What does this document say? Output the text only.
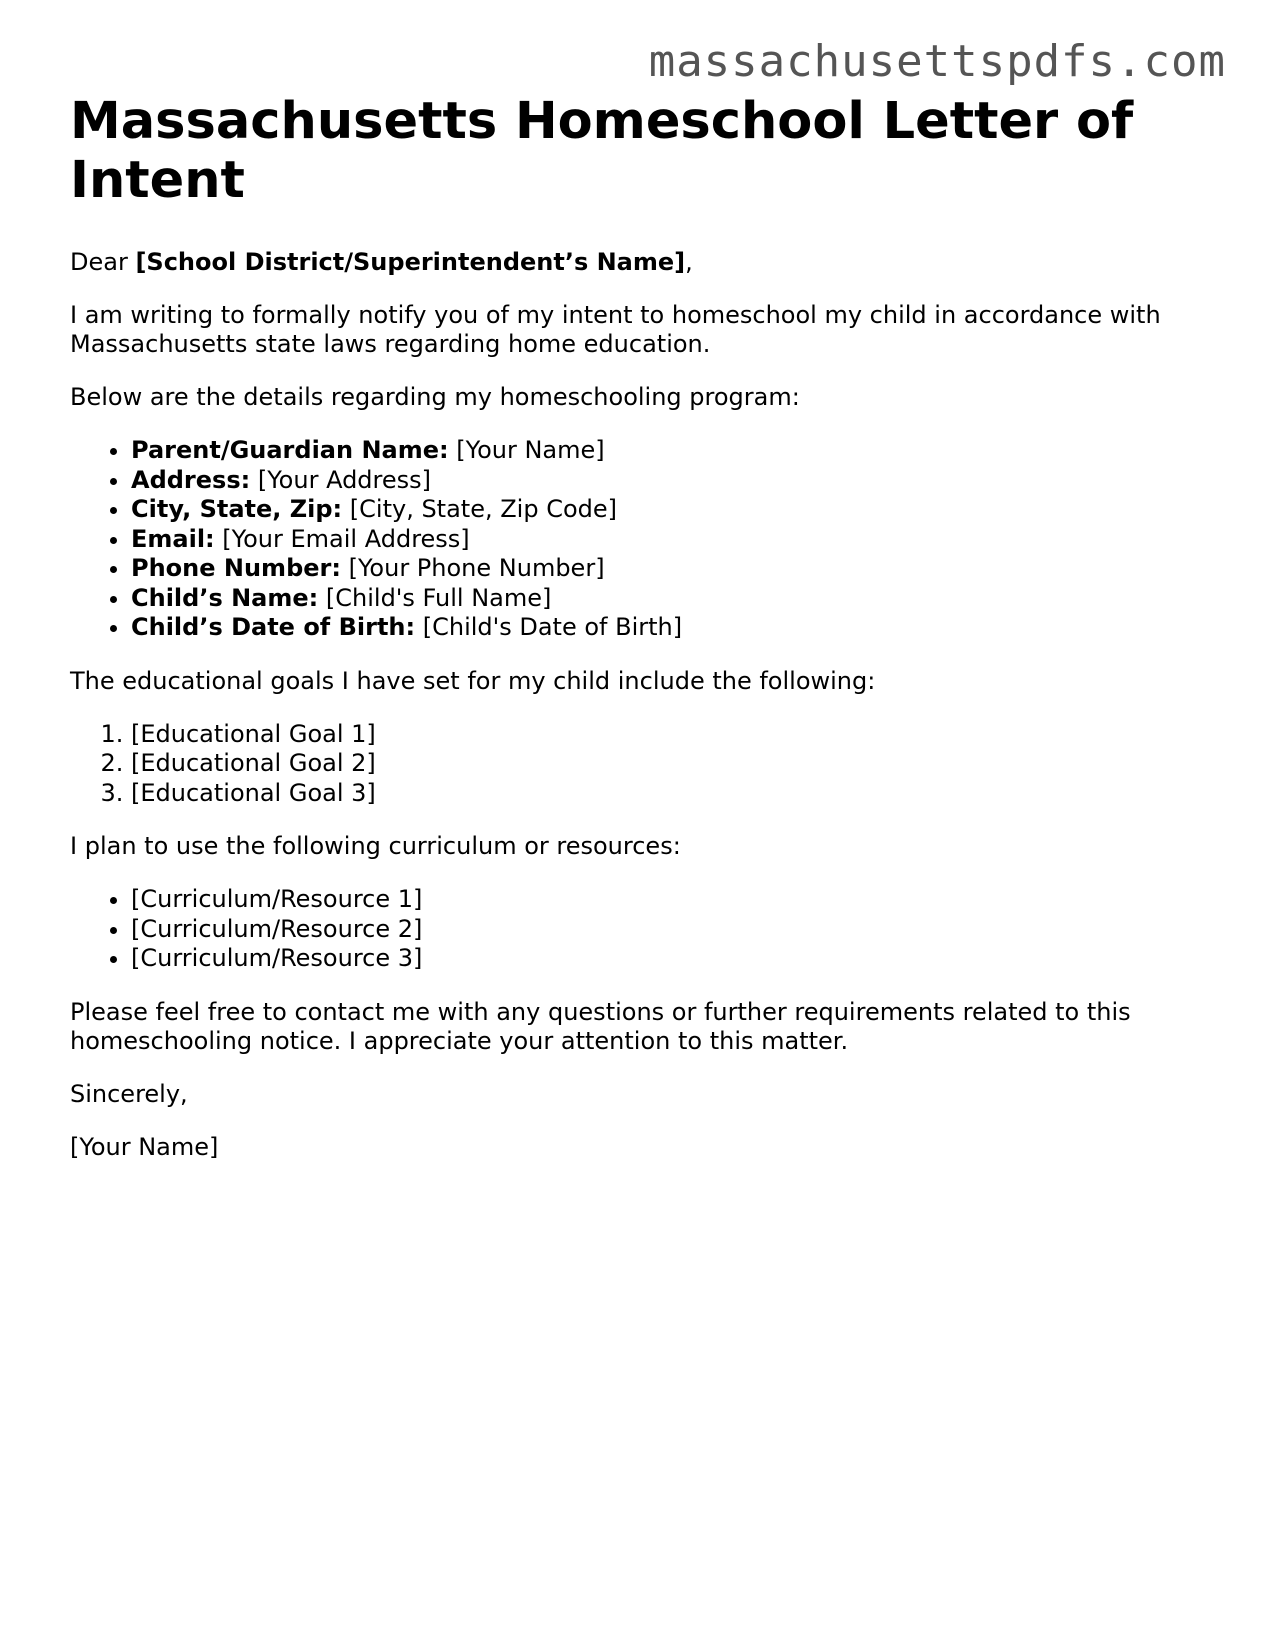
massachusettspdfs.com
Massachusetts Homeschool Letter of Intent

Dear [School District/Superintendent’s Name],

I am writing to formally notify you of my intent to homeschool my child in accordance with Massachusetts state laws regarding home education.

Below are the details regarding my homeschooling program:

• Parent/Guardian Name: [Your Name]
• Address: [Your Address]
• City, State, Zip: [City, State, Zip Code]
• Email: [Your Email Address]
• Phone Number: [Your Phone Number]
• Child’s Name: [Child's Full Name]
• Child’s Date of Birth: [Child's Date of Birth]

The educational goals I have set for my child include the following:

1. [Educational Goal 1]
2. [Educational Goal 2]
3. [Educational Goal 3]

I plan to use the following curriculum or resources:

• [Curriculum/Resource 1]
• [Curriculum/Resource 2]
• [Curriculum/Resource 3]

Please feel free to contact me with any questions or further requirements related to this homeschooling notice. I appreciate your attention to this matter.

Sincerely,

[Your Name]
